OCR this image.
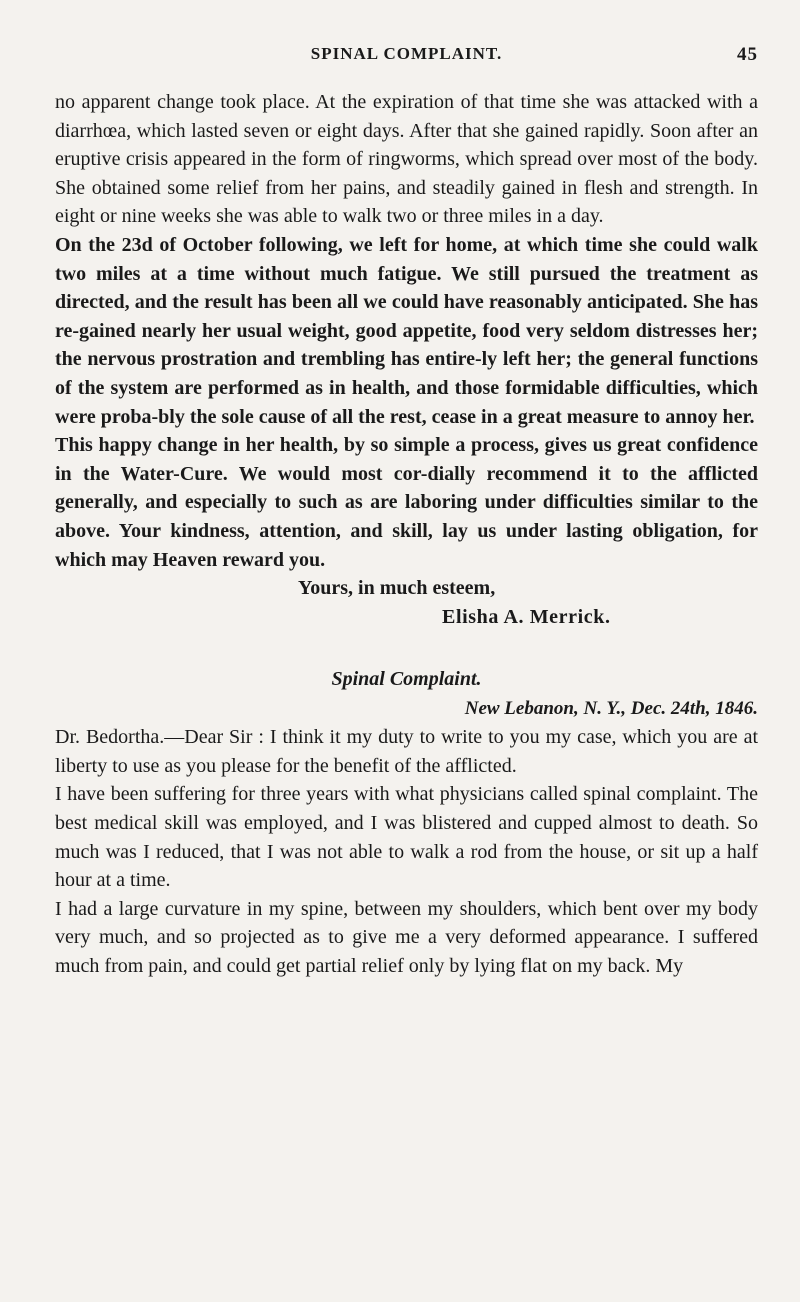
SPINAL COMPLAINT.	45

no apparent change took place. At the expiration of that time she was attacked with a diarrhœa, which lasted seven or eight days. After that she gained rapidly. Soon after an eruptive crisis appeared in the form of ringworms, which spread over most of the body. She obtained some relief from her pains, and steadily gained in flesh and strength. In eight or nine weeks she was able to walk two or three miles in a day.

On the 23d of October following, we left for home, at which time she could walk two miles at a time without much fatigue. We still pursued the treatment as directed, and the result has been all we could have reasonably anticipated. She has re-gained nearly her usual weight, good appetite, food very seldom distresses her; the nervous prostration and trembling has entire-ly left her; the general functions of the system are performed as in health, and those formidable difficulties, which were proba-bly the sole cause of all the rest, cease in a great measure to annoy her.

This happy change in her health, by so simple a process, gives us great confidence in the Water-Cure. We would most cor-dially recommend it to the afflicted generally, and especially to such as are laboring under difficulties similar to the above. Your kindness, attention, and skill, lay us under lasting obligation, for which may Heaven reward you.

Yours, in much esteem,

Elisha A. Merrick.

Spinal Complaint.
New Lebanon, N. Y., Dec. 24th, 1846.

Dr. Bedortha.—Dear Sir : I think it my duty to write to you my case, which you are at liberty to use as you please for the benefit of the afflicted.

I have been suffering for three years with what physicians called spinal complaint. The best medical skill was employed, and I was blistered and cupped almost to death. So much was I reduced, that I was not able to walk a rod from the house, or sit up a half hour at a time.

I had a large curvature in my spine, between my shoulders, which bent over my body very much, and so projected as to give me a very deformed appearance. I suffered much from pain, and could get partial relief only by lying flat on my back. My
